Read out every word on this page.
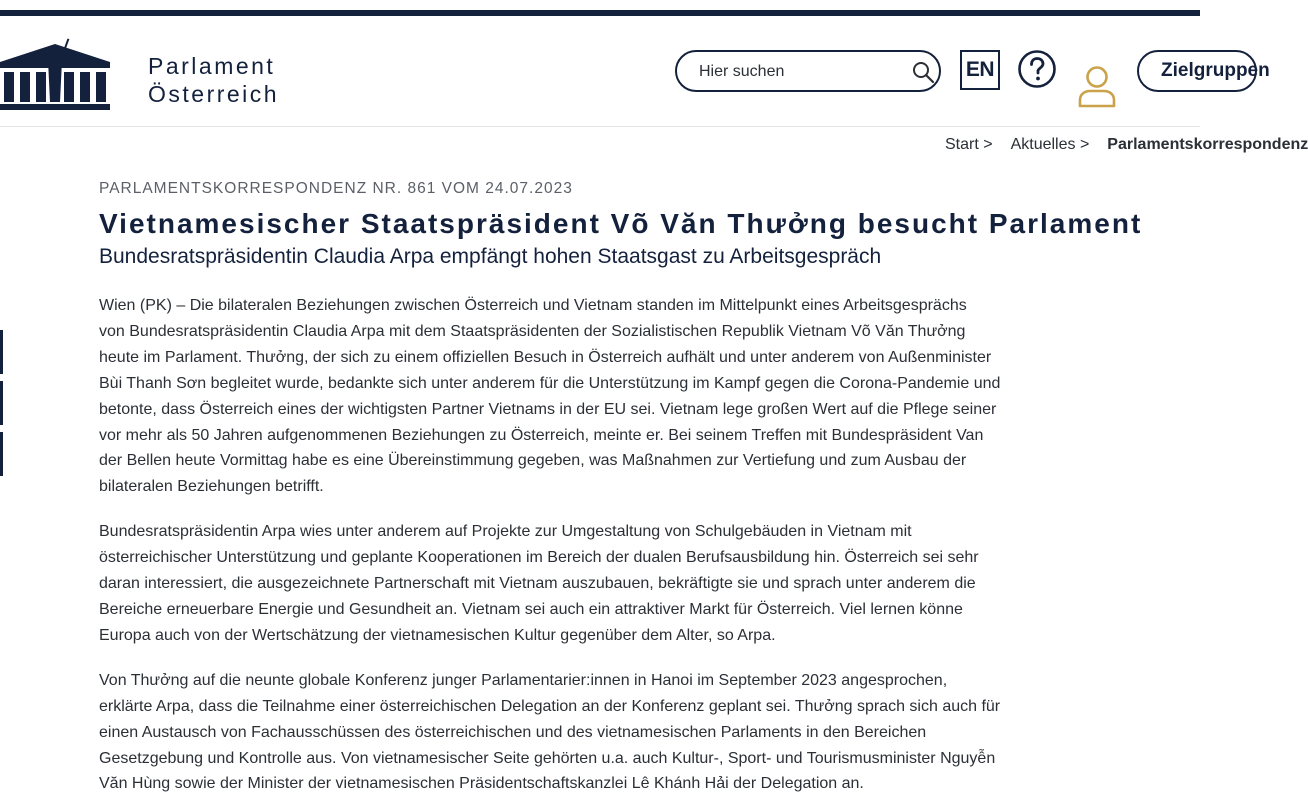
Parlament
Österreich
Hier suchen
EN	Zielgruppen
Start > Aktuelles > Parlamentskorrespondenz

PARLAMENTSKORRESPONDENZ NR. 861 VOM 24.07.2023

Vietnamesischer Staatspräsident Võ Văn Thưởng besucht Parlament
Bundesratspräsidentin Claudia Arpa empfängt hohen Staatsgast zu Arbeitsgespräch

Wien (PK) – Die bilateralen Beziehungen zwischen Österreich und Vietnam standen im Mittelpunkt eines Arbeitsgesprächs
von Bundesratspräsidentin Claudia Arpa mit dem Staatspräsidenten der Sozialistischen Republik Vietnam Võ Văn Thưởng
heute im Parlament. Thưởng, der sich zu einem offiziellen Besuch in Österreich aufhält und unter anderem von Außenminister
Bùi Thanh Sơn begleitet wurde, bedankte sich unter anderem für die Unterstützung im Kampf gegen die Corona-Pandemie und
betonte, dass Österreich eines der wichtigsten Partner Vietnams in der EU sei. Vietnam lege großen Wert auf die Pflege seiner
vor mehr als 50 Jahren aufgenommenen Beziehungen zu Österreich, meinte er. Bei seinem Treffen mit Bundespräsident Van
der Bellen heute Vormittag habe es eine Übereinstimmung gegeben, was Maßnahmen zur Vertiefung und zum Ausbau der
bilateralen Beziehungen betrifft.

Bundesratspräsidentin Arpa wies unter anderem auf Projekte zur Umgestaltung von Schulgebäuden in Vietnam mit
österreichischer Unterstützung und geplante Kooperationen im Bereich der dualen Berufsausbildung hin. Österreich sei sehr
daran interessiert, die ausgezeichnete Partnerschaft mit Vietnam auszubauen, bekräftigte sie und sprach unter anderem die
Bereiche erneuerbare Energie und Gesundheit an. Vietnam sei auch ein attraktiver Markt für Österreich. Viel lernen könne
Europa auch von der Wertschätzung der vietnamesischen Kultur gegenüber dem Alter, so Arpa.

Von Thưởng auf die neunte globale Konferenz junger Parlamentarier:innen in Hanoi im September 2023 angesprochen,
erklärte Arpa, dass die Teilnahme einer österreichischen Delegation an der Konferenz geplant sei. Thưởng sprach sich auch für
einen Austausch von Fachausschüssen des österreichischen und des vietnamesischen Parlaments in den Bereichen
Gesetzgebung und Kontrolle aus. Von vietnamesischer Seite gehörten u.a. auch Kultur-, Sport- und Tourismusminister Nguyễn
Văn Hùng sowie der Minister der vietnamesischen Präsidentschaftskanzlei Lê Khánh Hải der Delegation an.
